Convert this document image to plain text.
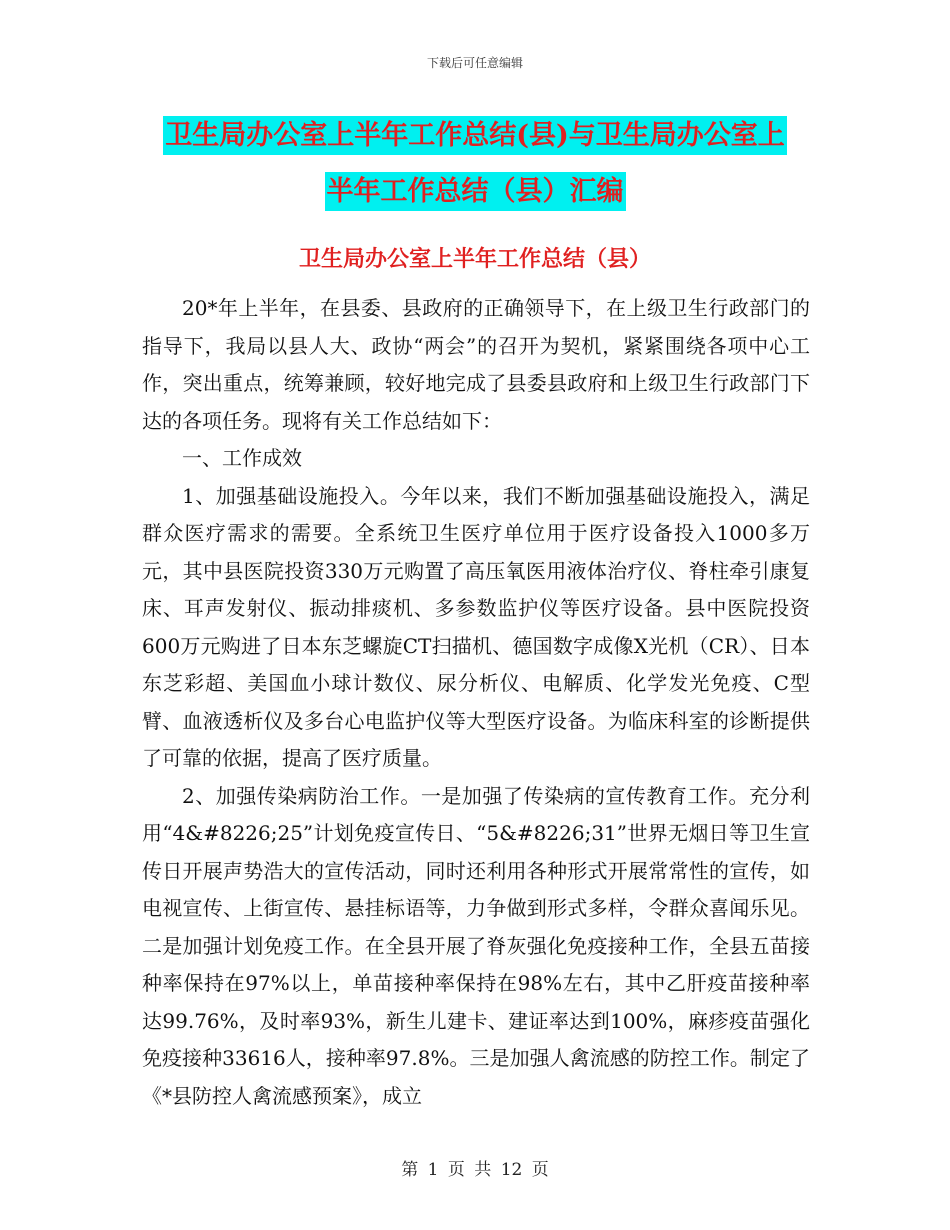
下载后可任意编辑
卫生局办公室上半年工作总结(县)与卫生局办公室上
半年工作总结（县）汇编
卫生局办公室上半年工作总结（县）

20*年上半年，在县委、县政府的正确领导下，在上级卫生行政部门的指导下，我局以县人大、政协“两会”的召开为契机，紧紧围绕各项中心工作，突出重点，统筹兼顾，较好地完成了县委县政府和上级卫生行政部门下达的各项任务。现将有关工作总结如下：

一、工作成效

1、加强基础设施投入。今年以来，我们不断加强基础设施投入，满足群众医疗需求的需要。全系统卫生医疗单位用于医疗设备投入1000多万元，其中县医院投资330万元购置了高压氧医用液体治疗仪、脊柱牵引康复床、耳声发射仪、振动排痰机、多参数监护仪等医疗设备。县中医院投资600万元购进了日本东芝螺旋CT扫描机、德国数字成像X光机（CR）、日本东芝彩超、美国血小球计数仪、尿分析仪、电解质、化学发光免疫、C型臂、血液透析仪及多台心电监护仪等大型医疗设备。为临床科室的诊断提供了可靠的依据，提高了医疗质量。

2、加强传染病防治工作。一是加强了传染病的宣传教育工作。充分利用“4&#8226;25”计划免疫宣传日、“5&#8226;31”世界无烟日等卫生宣传日开展声势浩大的宣传活动，同时还利用各种形式开展常常性的宣传，如电视宣传、上街宣传、悬挂标语等，力争做到形式多样，令群众喜闻乐见。二是加强计划免疫工作。在全县开展了脊灰强化免疫接种工作，全县五苗接种率保持在97%以上，单苗接种率保持在98%左右，其中乙肝疫苗接种率达99.76%，及时率93%，新生儿建卡、建证率达到100%，麻疹疫苗强化免疫接种33616人，接种率97.8%。三是加强人禽流感的防控工作。制定了《*县防控人禽流感预案》，成立

第 1 页 共 12 页
